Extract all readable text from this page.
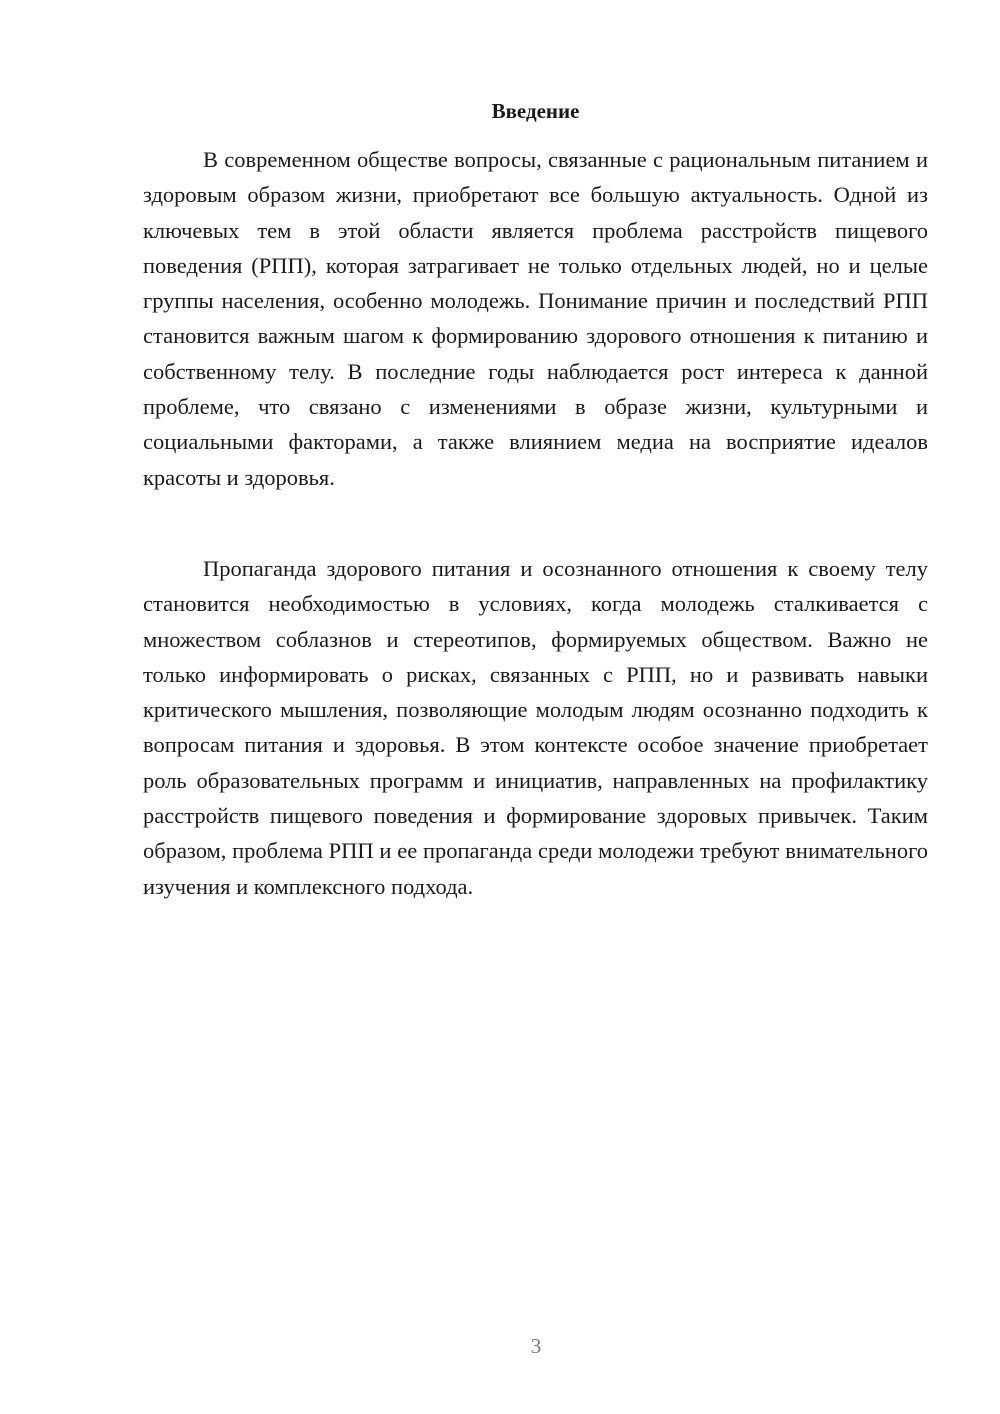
Введение

В современном обществе вопросы, связанные с рациональным питанием и здоровым образом жизни, приобретают все большую актуальность. Одной из ключевых тем в этой области является проблема расстройств пищевого поведения (РПП), которая затрагивает не только отдельных людей, но и целые группы населения, особенно молодежь. Понимание причин и последствий РПП становится важным шагом к формированию здорового отношения к питанию и собственному телу. В последние годы наблюдается рост интереса к данной проблеме, что связано с изменениями в образе жизни, культурными и социальными факторами, а также влиянием медиа на восприятие идеалов красоты и здоровья.

Пропаганда здорового питания и осознанного отношения к своему телу становится необходимостью в условиях, когда молодежь сталкивается с множеством соблазнов и стереотипов, формируемых обществом. Важно не только информировать о рисках, связанных с РПП, но и развивать навыки критического мышления, позволяющие молодым людям осознанно подходить к вопросам питания и здоровья. В этом контексте особое значение приобретает роль образовательных программ и инициатив, направленных на профилактику расстройств пищевого поведения и формирование здоровых привычек. Таким образом, проблема РПП и ее пропаганда среди молодежи требуют внимательного изучения и комплексного подхода.

3
